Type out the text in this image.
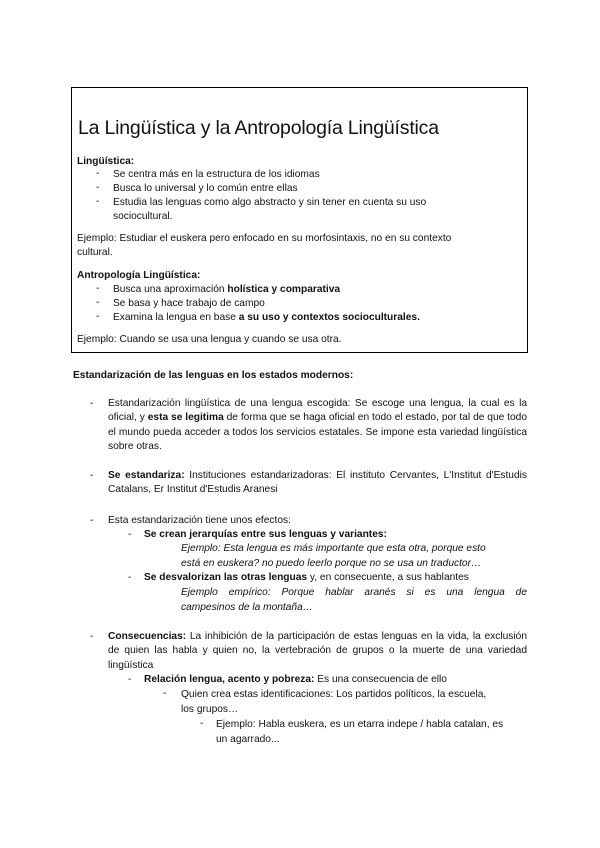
La Lingüística y la Antropología Lingüística
Lingüística:
- Se centra más en la estructura de los idiomas
- Busca lo universal y lo común entre ellas
- Estudia las lenguas como algo abstracto y sin tener en cuenta su uso
sociocultural.
Ejemplo: Estudiar el euskera pero enfocado en su morfosintaxis, no en su contexto
cultural.
Antropología Lingüística:
- Busca una aproximación holística y comparativa
- Se basa y hace trabajo de campo
- Examina la lengua en base a su uso y contextos socioculturales.
Ejemplo: Cuando se usa una lengua y cuando se usa otra.
Estandarización de las lenguas en los estados modernos:
- Estandarización lingüística de una lengua escogida: Se escoge una lengua, la cual es la oficial, y esta se legitima de forma que se haga oficial en todo el estado, por tal de que todo el mundo pueda acceder a todos los servicios estatales. Se impone esta variedad lingüística sobre otras.
- Se estandariza: Instituciones estandarizadoras: El instituto Cervantes, L'Institut d'Estudis Catalans, Er Institut d'Estudis Aranesi
- Esta estandarización tiene unos efectos:
- Se crean jerarquías entre sus lenguas y variantes:
Ejemplo: Esta lengua es más importante que esta otra, porque esto
está en euskera? no puedo leerlo porque no se usa un traductor…
- Se desvalorizan las otras lenguas y, en consecuente, a sus hablantes
Ejemplo empírico: Porque hablar aranés si es una lengua de
campesinos de la montaña…
- Consecuencias: La inhibición de la participación de estas lenguas en la vida, la exclusión de quien las habla y quien no, la vertebración de grupos o la muerte de una variedad lingüística
- Relación lengua, acento y pobreza: Es una consecuencia de ello
- Quien crea estas identificaciones: Los partidos políticos, la escuela,
los grupos…
- Ejemplo: Habla euskera, es un etarra indepe / habla catalan, es
un agarrado...
